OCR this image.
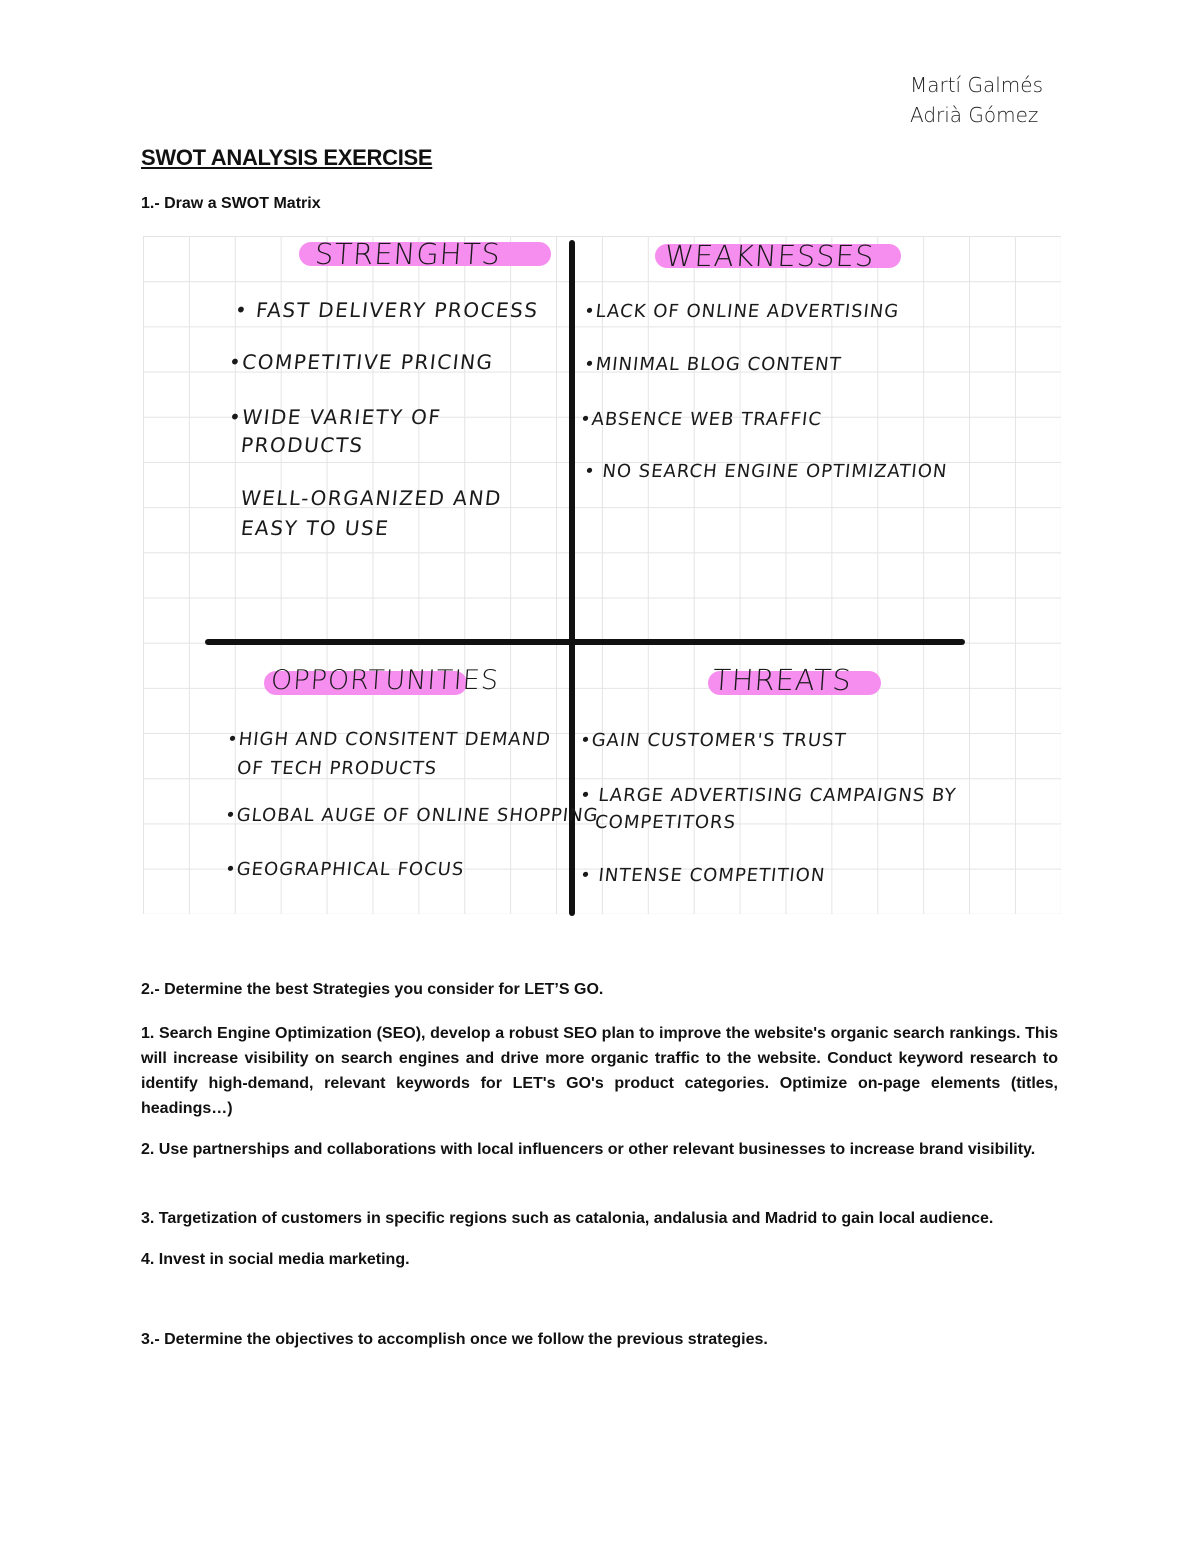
Martí Galmés
Adrià Gómez
SWOT ANALYSIS EXERCISE
1.- Draw a SWOT Matrix
STRENGHTS
• FAST DELIVERY PROCESS
•COMPETITIVE PRICING
•WIDE VARIETY OF
PRODUCTS
WELL-ORGANIZED AND
EASY TO USE
WEAKNESSES
•LACK OF ONLINE ADVERTISING
•MINIMAL BLOG CONTENT
•ABSENCE WEB TRAFFIC
• NO SEARCH ENGINE OPTIMIZATION
OPPORTUNITIES
•HIGH AND CONSITENT DEMAND
OF TECH PRODUCTS
•GLOBAL AUGE OF ONLINE SHOPPING
•GEOGRAPHICAL FOCUS
THREATS
•GAIN CUSTOMER'S TRUST
• LARGE ADVERTISING CAMPAIGNS BY
COMPETITORS
• INTENSE COMPETITION
2.- Determine the best Strategies you consider for LET’S GO.
1. Search Engine Optimization (SEO), develop a robust SEO plan to improve the website's organic search rankings. This will increase visibility on search engines and drive more organic traffic to the website. Conduct keyword research to identify high-demand, relevant keywords for LET's GO's product categories. Optimize on-page elements (titles, headings…)
2. Use partnerships and collaborations with local influencers or other relevant businesses to increase brand visibility.
3. Targetization of customers in specific regions such as catalonia, andalusia and Madrid to gain local audience.
4. Invest in social media marketing.
3.- Determine the objectives to accomplish once we follow the previous strategies.
